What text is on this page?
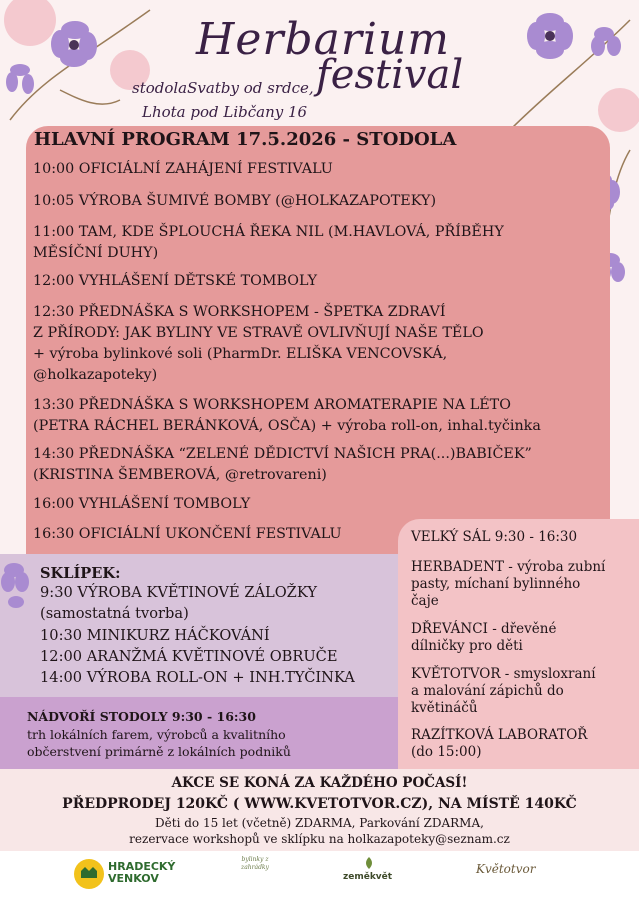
Herbarium
festival
stodolaSvatby od srdce,
Lhota pod Libčany 16
HLAVNÍ PROGRAM 17.5.2026 - STODOLA
10:00 OFICIÁLNÍ ZAHÁJENÍ FESTIVALU
10:05 VÝROBA ŠUMIVÉ BOMBY (@HOLKAZAPOTEKY)
11:00 TAM, KDE ŠPLOUCHÁ ŘEKA NIL (M.HAVLOVÁ, PŘÍBĚHY
MĚSÍČNÍ DUHY)
12:00 VYHLÁŠENÍ DĚTSKÉ TOMBOLY
12:30 PŘEDNÁŠKA S WORKSHOPEM - ŠPETKA ZDRAVÍ
Z PŘÍRODY: JAK BYLINY VE STRAVĚ OVLIVŇUJÍ NAŠE TĚLO
+ výroba bylinkové soli (PharmDr. ELIŠKA VENCOVSKÁ,
@holkazapoteky)
13:30 PŘEDNÁŠKA S WORKSHOPEM AROMATERAPIE NA LÉTO
(PETRA RÁCHEL BERÁNKOVÁ, OSČA) + výroba roll-on, inhal.tyčinka
14:30 PŘEDNÁŠKA “ZELENÉ DĚDICTVÍ NAŠICH PRA(...)BABIČEK”
(KRISTINA ŠEMBEROVÁ, @retrovareni)
16:00 VYHLÁŠENÍ TOMBOLY
16:30 OFICIÁLNÍ UKONČENÍ FESTIVALU	VELKÝ SÁL 9:30 - 16:30
HERBADENT - výroba zubní
pasty, míchaní bylinného
čaje
DŘEVÁNCI - dřevěné
dílničky pro děti
KVĚTOTVOR - smysloхraní
a malování zápichů do
květináčů
RAZÍTKOVÁ LABORATOŘ
(do 15:00)
SKLÍPEK:
9:30 VÝROBA KVĚTINOVÉ ZÁLOŽKY
(samostatná tvorba)
10:30 MINIKURZ HÁČKOVÁNÍ
12:00 ARANŽMÁ KVĚTINOVÉ OBRUČE
14:00 VÝROBA ROLL-ON + INH.TYČINKA
NÁDVOŘÍ STODOLY 9:30 - 16:30
trh lokálních farem, výrobců a kvalitního
občerstvení primárně z lokálních podniků
AKCE SE KONÁ ZA KAŽDÉHO POČASÍ!
PŘEDPRODEJ 120KČ ( WWW.KVETOTVOR.CZ), NA MÍSTĚ 140KČ
Děti do 15 let (včetně) ZDARMA, Parkování ZDARMA,
rezervace workshopů ve sklípku na holkazapoteky@seznam.cz
HRADECKÝ
VENKOV
bylinky z zahrádky
zeměkvět
Květotvor
